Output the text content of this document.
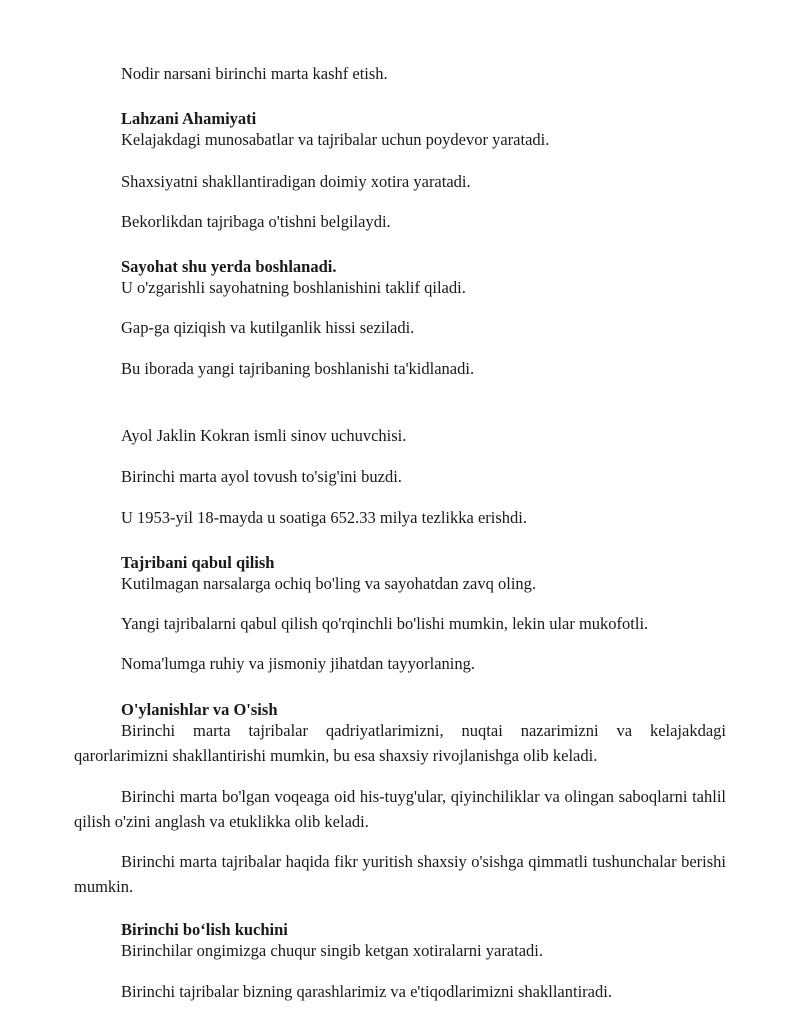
Nodir narsani birinchi marta kashf etish.
Lahzani Ahamiyati
Kelajakdagi munosabatlar va tajribalar uchun poydevor yaratadi.
Shaxsiyatni shakllantiradigan doimiy xotira yaratadi.
Bekorlikdan tajribaga o'tishni belgilaydi.
Sayohat shu yerda boshlanadi.
U o'zgarishli sayohatning boshlanishini taklif qiladi.
Gap-ga qiziqish va kutilganlik hissi seziladi.
Bu iborada yangi tajribaning boshlanishi ta'kidlanadi.
Ayol Jaklin Kokran ismli sinov uchuvchisi.
Birinchi marta ayol tovush to'sig'ini buzdi.
U 1953-yil 18-mayda u soatiga 652.33 milya tezlikka erishdi.
Tajribani qabul qilish
Kutilmagan narsalarga ochiq bo'ling va sayohatdan zavq oling.
Yangi tajribalarni qabul qilish qo'rqinchli bo'lishi mumkin, lekin ular mukofotli.
Noma'lumga ruhiy va jismoniy jihatdan tayyorlaning.
O'ylanishlar va O'sish
Birinchi marta tajribalar qadriyatlarimizni, nuqtai nazarimizni va kelajakdagi qarorlarimizni shakllantirishi mumkin, bu esa shaxsiy rivojlanishga olib keladi.
Birinchi marta bo'lgan voqeaga oid his-tuyg'ular, qiyinchiliklar va olingan saboqlarni tahlil qilish o'zini anglash va etuklikka olib keladi.
Birinchi marta tajribalar haqida fikr yuritish shaxsiy o'sishga qimmatli tushunchalar berishi mumkin.
Birinchi bo‘lish kuchini
Birinchilar ongimizga chuqur singib ketgan xotiralarni yaratadi.
Birinchi tajribalar bizning qarashlarimiz va e'tiqodlarimizni shakllantiradi.
